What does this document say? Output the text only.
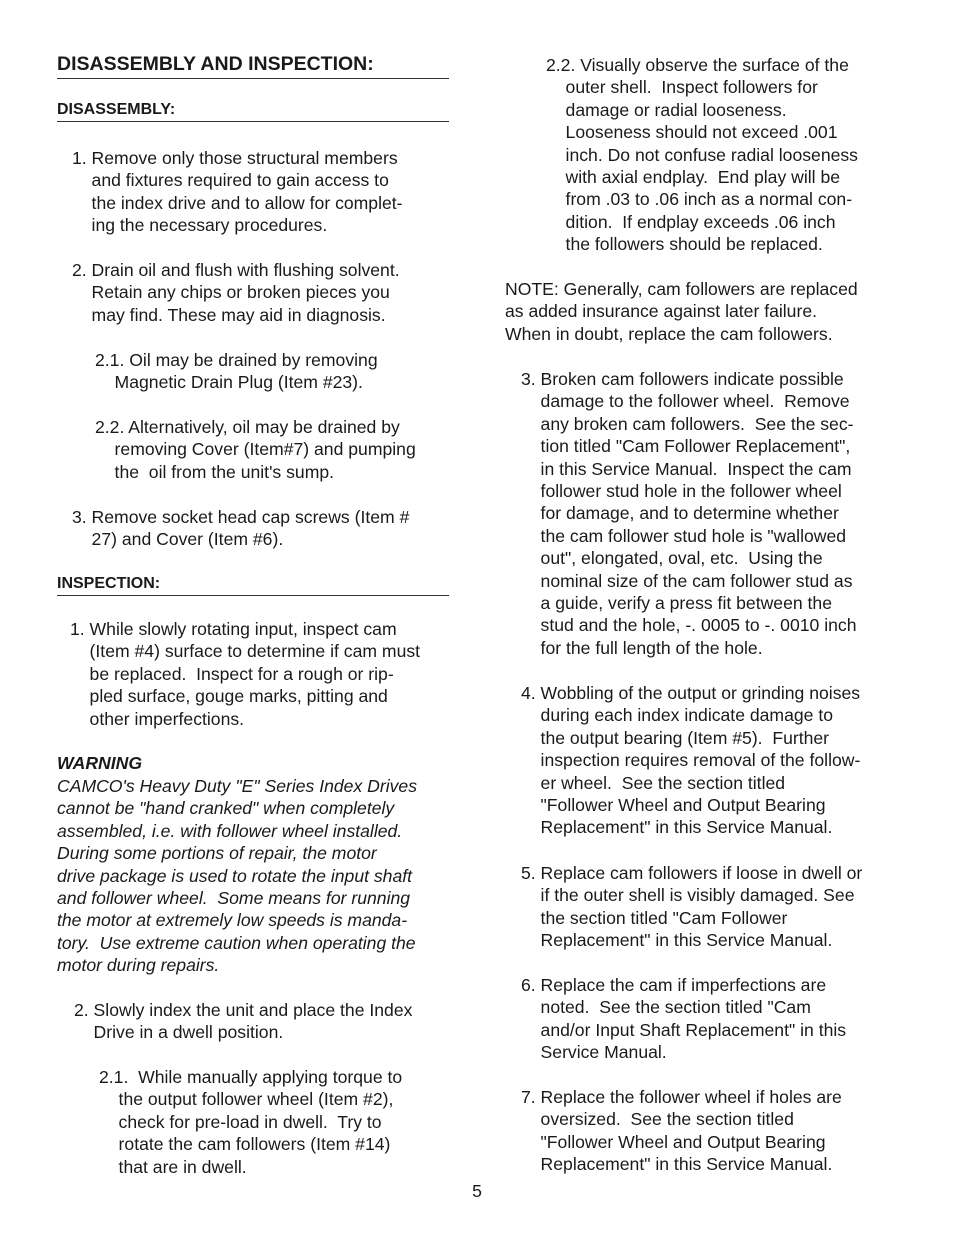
DISASSEMBLY AND INSPECTION:
DISASSEMBLY:
1. Remove only those structural members
and fixtures required to gain access to
the index drive and to allow for complet-
ing the necessary procedures.
2. Drain oil and flush with flushing solvent.
Retain any chips or broken pieces you
may find. These may aid in diagnosis.
2.1. Oil may be drained by removing
Magnetic Drain Plug (Item #23).
2.2. Alternatively, oil may be drained by
removing Cover (Item#7) and pumping
the  oil from the unit's sump.
3. Remove socket head cap screws (Item #
27) and Cover (Item #6).
INSPECTION:
1. While slowly rotating input, inspect cam
(Item #4) surface to determine if cam must
be replaced.  Inspect for a rough or rip-
pled surface, gouge marks, pitting and
other imperfections.
WARNING
CAMCO's Heavy Duty "E" Series Index Drives
cannot be "hand cranked" when completely
assembled, i.e. with follower wheel installed.
During some portions of repair, the motor
drive package is used to rotate the input shaft
and follower wheel.  Some means for running
the motor at extremely low speeds is manda-
tory.  Use extreme caution when operating the
motor during repairs.
2. Slowly index the unit and place the Index
Drive in a dwell position.
2.1.  While manually applying torque to
the output follower wheel (Item #2),
check for pre-load in dwell.  Try to
rotate the cam followers (Item #14)
that are in dwell.
2.2. Visually observe the surface of the
outer shell.  Inspect followers for
damage or radial looseness.
Looseness should not exceed .001
inch. Do not confuse radial looseness
with axial endplay.  End play will be
from .03 to .06 inch as a normal con-
dition.  If endplay exceeds .06 inch
the followers should be replaced.
NOTE: Generally, cam followers are replaced
as added insurance against later failure.
When in doubt, replace the cam followers.
3. Broken cam followers indicate possible
damage to the follower wheel.  Remove
any broken cam followers.  See the sec-
tion titled "Cam Follower Replacement",
in this Service Manual.  Inspect the cam
follower stud hole in the follower wheel
for damage, and to determine whether
the cam follower stud hole is "wallowed
out", elongated, oval, etc.  Using the
nominal size of the cam follower stud as
a guide, verify a press fit between the
stud and the hole, -. 0005 to -. 0010 inch
for the full length of the hole.
4. Wobbling of the output or grinding noises
during each index indicate damage to
the output bearing (Item #5).  Further
inspection requires removal of the follow-
er wheel.  See the section titled
"Follower Wheel and Output Bearing
Replacement" in this Service Manual.
5. Replace cam followers if loose in dwell or
if the outer shell is visibly damaged. See
the section titled "Cam Follower
Replacement" in this Service Manual.
6. Replace the cam if imperfections are
noted.  See the section titled "Cam
and/or Input Shaft Replacement" in this
Service Manual.
7. Replace the follower wheel if holes are
oversized.  See the section titled
"Follower Wheel and Output Bearing
Replacement" in this Service Manual.
5
